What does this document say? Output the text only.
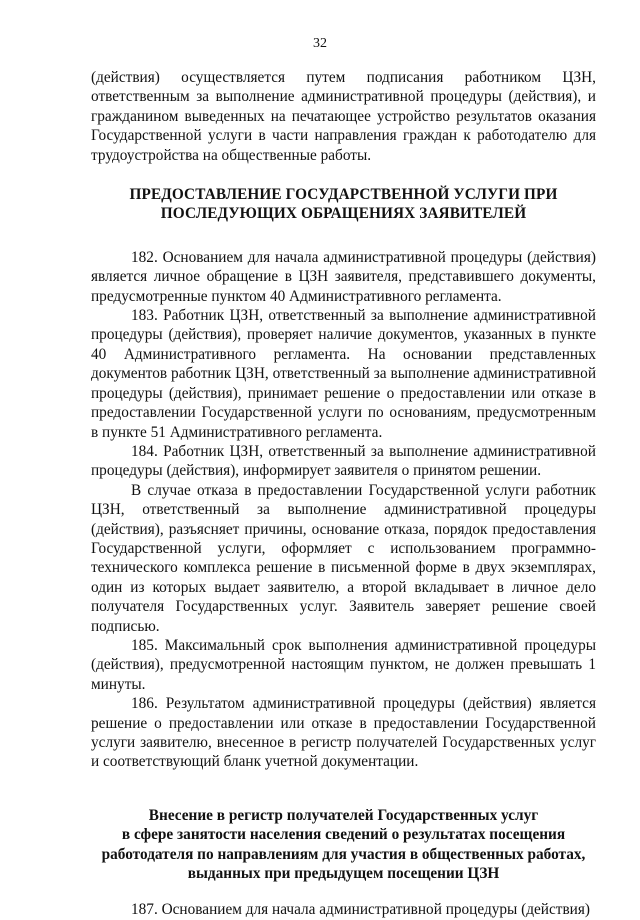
32

(действия) осуществляется путем подписания работником ЦЗН, ответственным за выполнение административной процедуры (действия), и гражданином выведенных на печатающее устройство результатов оказания Государственной услуги в части направления граждан к работодателю для трудоустройства на общественные работы.

ПРЕДОСТАВЛЕНИЕ ГОСУДАРСТВЕННОЙ УСЛУГИ ПРИ
ПОСЛЕДУЮЩИХ ОБРАЩЕНИЯХ ЗАЯВИТЕЛЕЙ

182. Основанием для начала административной процедуры (действия) является личное обращение в ЦЗН заявителя, представившего документы, предусмотренные пунктом 40 Административного регламента.

183. Работник ЦЗН, ответственный за выполнение административной процедуры (действия), проверяет наличие документов, указанных в пункте 40 Административного регламента. На основании представленных документов работник ЦЗН, ответственный за выполнение административной процедуры (действия), принимает решение о предоставлении или отказе в предоставлении Государственной услуги по основаниям, предусмотренным в пункте 51 Административного регламента.

184. Работник ЦЗН, ответственный за выполнение административной процедуры (действия), информирует заявителя о принятом решении.

В случае отказа в предоставлении Государственной услуги работник ЦЗН, ответственный за выполнение административной процедуры (действия), разъясняет причины, основание отказа, порядок предоставления Государственной услуги, оформляет с использованием программно-технического комплекса решение в письменной форме в двух экземплярах, один из которых выдает заявителю, а второй вкладывает в личное дело получателя Государственных услуг. Заявитель заверяет решение своей подписью.

185. Максимальный срок выполнения административной процедуры (действия), предусмотренной настоящим пунктом, не должен превышать 1 минуты.

186. Результатом административной процедуры (действия) является решение о предоставлении или отказе в предоставлении Государственной услуги заявителю, внесенное в регистр получателей Государственных услуг и соответствующий бланк учетной документации.

Внесение в регистр получателей Государственных услуг
в сфере занятости населения сведений о результатах посещения
работодателя по направлениям для участия в общественных работах,
выданных при предыдущем посещении ЦЗН

187. Основанием для начала административной процедуры (действия)
